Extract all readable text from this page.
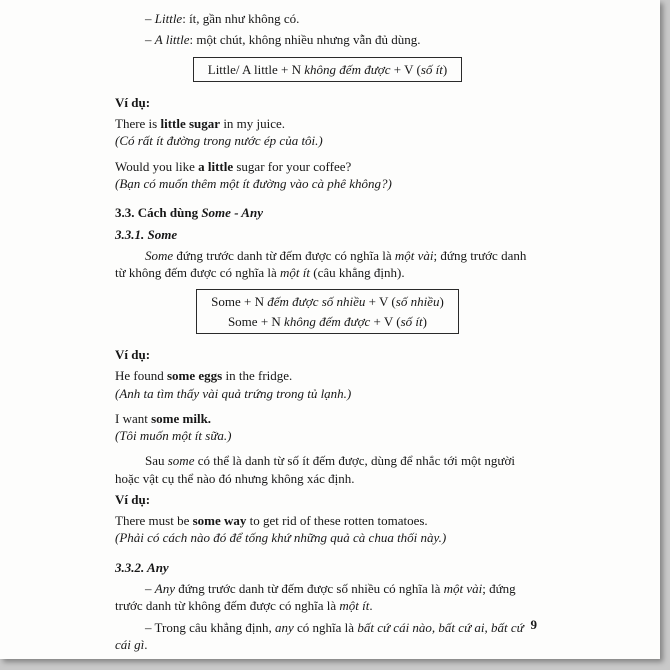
– Little: ít, gần như không có.

– A little: một chút, không nhiều nhưng vẫn đủ dùng.

Little/ A little + N không đếm được + V (số ít)

Ví dụ:

There is little sugar in my juice.

(Có rất ít đường trong nước ép của tôi.)

Would you like a little sugar for your coffee?

(Bạn có muốn thêm một ít đường vào cà phê không?)

3.3. Cách dùng Some - Any

3.3.1. Some

Some đứng trước danh từ đếm được có nghĩa là một vài; đứng trước danh từ không đếm được có nghĩa là một ít (câu khẳng định).

Some + N đếm được số nhiều + V (số nhiều)

Some + N không đếm được + V (số ít)

Ví dụ:

He found some eggs in the fridge.

(Anh ta tìm thấy vài quả trứng trong tủ lạnh.)

I want some milk.

(Tôi muốn một ít sữa.)

Sau some có thể là danh từ số ít đếm được, dùng để nhắc tới một người hoặc vật cụ thể nào đó nhưng không xác định.

Ví dụ:

There must be some way to get rid of these rotten tomatoes.

(Phải có cách nào đó để tống khứ những quả cà chua thối này.)

3.3.2. Any

– Any đứng trước danh từ đếm được số nhiều có nghĩa là một vài; đứng trước danh từ không đếm được có nghĩa là một ít.

– Trong câu khẳng định, any có nghĩa là bất cứ cái nào, bất cứ ai, bất cứ cái gì.

9
